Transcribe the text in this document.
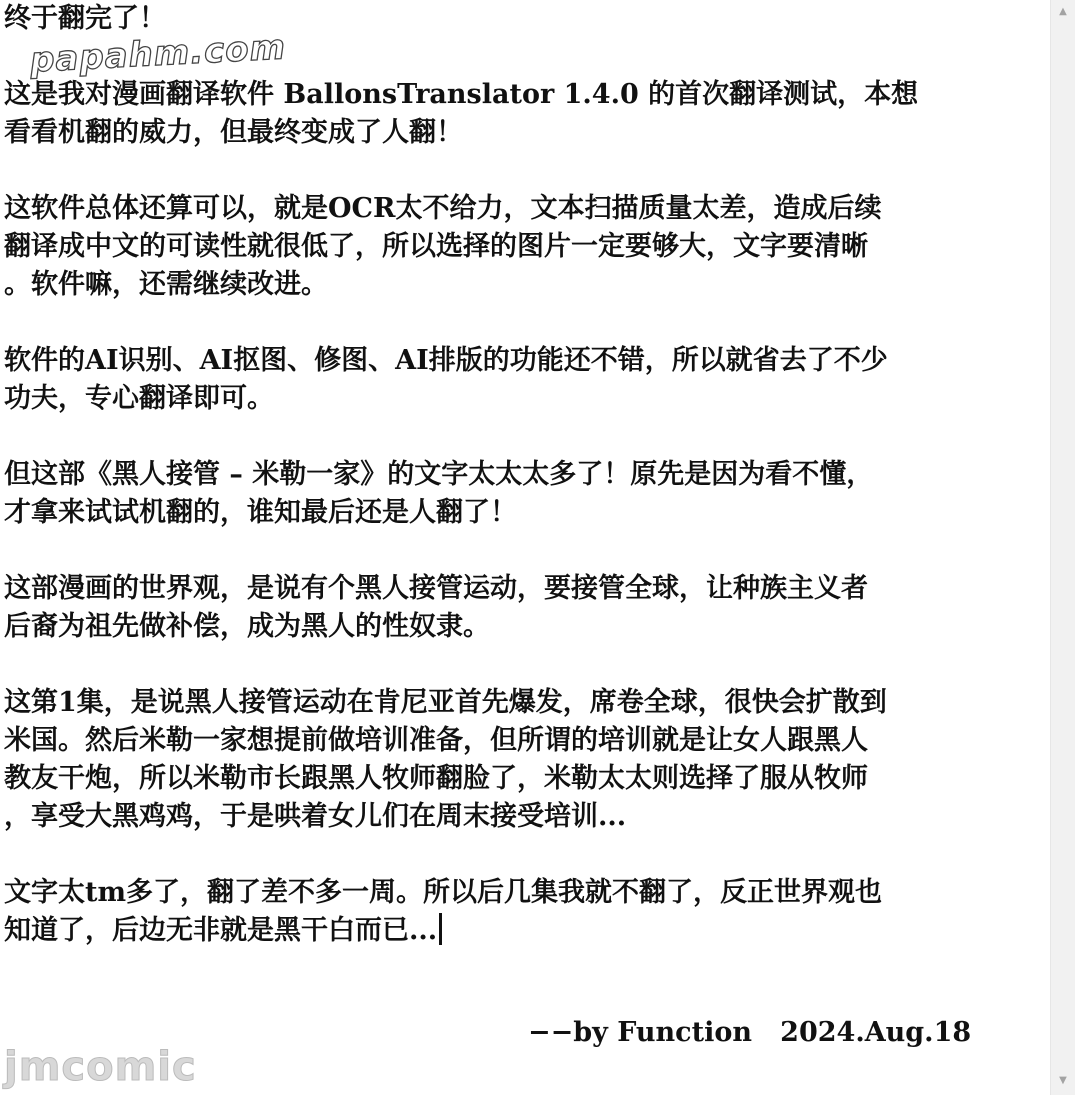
终于翻完了！
这是我对漫画翻译软件 BallonsTranslator 1.4.0 的首次翻译测试，本想
看看机翻的威力，但最终变成了人翻！
这软件总体还算可以，就是OCR太不给力，文本扫描质量太差，造成后续
翻译成中文的可读性就很低了，所以选择的图片一定要够大，文字要清晰
。软件嘛，还需继续改进。
软件的AI识别、AI抠图、修图、AI排版的功能还不错，所以就省去了不少
功夫，专心翻译即可。
但这部《黑人接管 – 米勒一家》的文字太太太多了！原先是因为看不懂，
才拿来试试机翻的，谁知最后还是人翻了！
这部漫画的世界观，是说有个黑人接管运动，要接管全球，让种族主义者
后裔为祖先做补偿，成为黑人的性奴隶。
这第1集，是说黑人接管运动在肯尼亚首先爆发，席卷全球，很快会扩散到
米国。然后米勒一家想提前做培训准备，但所谓的培训就是让女人跟黑人
教友干炮，所以米勒市长跟黑人牧师翻脸了，米勒太太则选择了服从牧师
，享受大黑鸡鸡，于是哄着女儿们在周末接受培训...
文字太tm多了，翻了差不多一周。所以后几集我就不翻了，反正世界观也
知道了，后边无非就是黑干白而已...
papahm.com
−−by Function   2024.Aug.18
jmcomic
▲
▼
